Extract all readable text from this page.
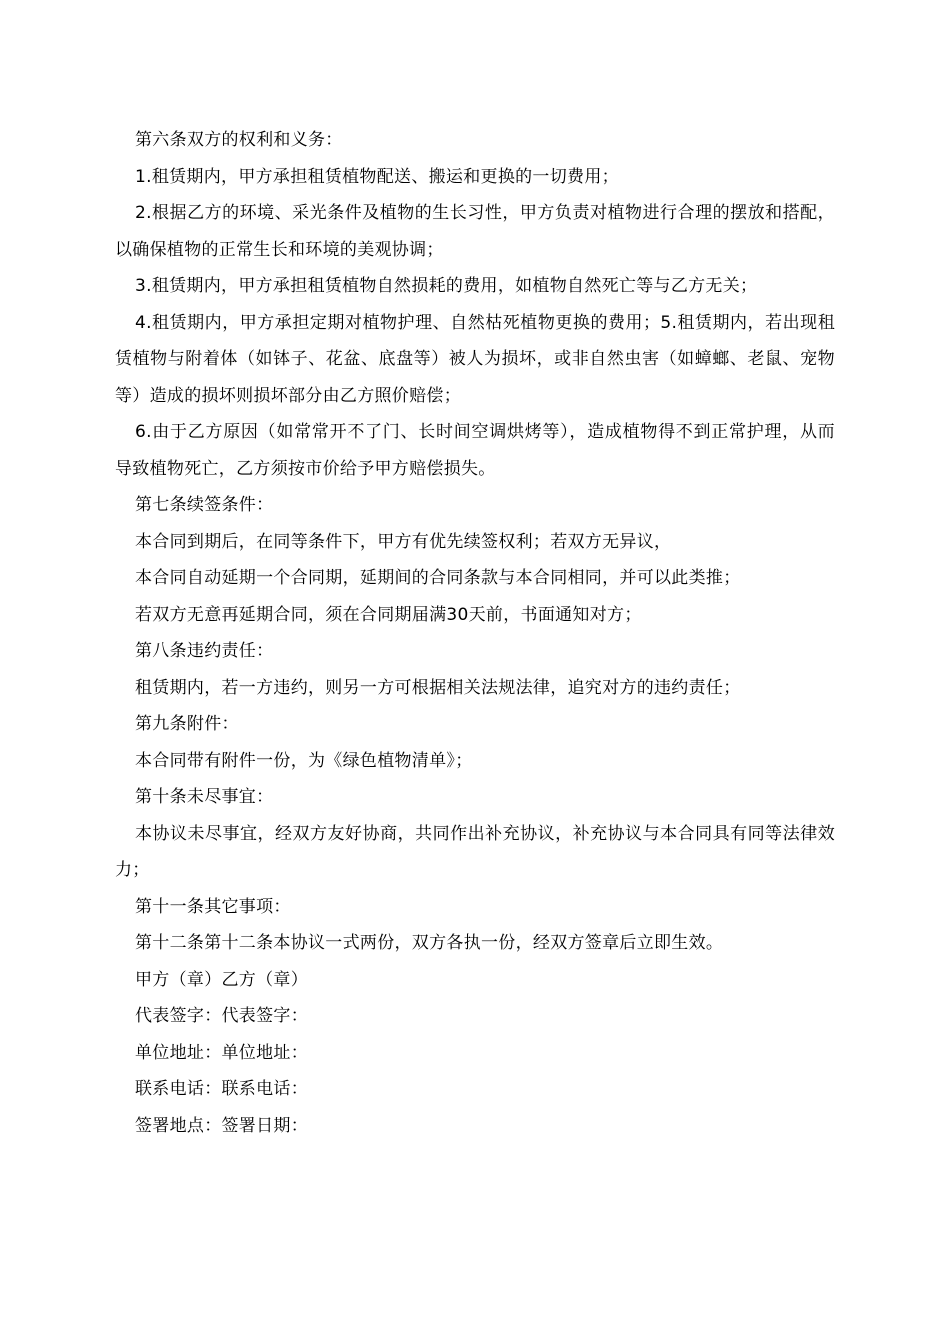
第六条双方的权利和义务：

1.租赁期内，甲方承担租赁植物配送、搬运和更换的一切费用；

2.根据乙方的环境、采光条件及植物的生长习性，甲方负责对植物进行合理的摆放和搭配，以确保植物的正常生长和环境的美观协调；

3.租赁期内，甲方承担租赁植物自然损耗的费用，如植物自然死亡等与乙方无关；

4.租赁期内，甲方承担定期对植物护理、自然枯死植物更换的费用；5.租赁期内，若出现租赁植物与附着体（如钵子、花盆、底盘等）被人为损坏，或非自然虫害（如蟑螂、老鼠、宠物等）造成的损坏则损坏部分由乙方照价赔偿；

6.由于乙方原因（如常常开不了门、长时间空调烘烤等），造成植物得不到正常护理，从而导致植物死亡，乙方须按市价给予甲方赔偿损失。

第七条续签条件：

本合同到期后，在同等条件下，甲方有优先续签权利；若双方无异议，

本合同自动延期一个合同期，延期间的合同条款与本合同相同，并可以此类推；

若双方无意再延期合同，须在合同期届满30天前，书面通知对方；

第八条违约责任：

租赁期内，若一方违约，则另一方可根据相关法规法律，追究对方的违约责任；

第九条附件：

本合同带有附件一份，为《绿色植物清单》；

第十条未尽事宜：

本协议未尽事宜，经双方友好协商，共同作出补充协议，补充协议与本合同具有同等法律效力；

第十一条其它事项：

第十二条第十二条本协议一式两份，双方各执一份，经双方签章后立即生效。

甲方（章）乙方（章）

代表签字：代表签字：

单位地址：单位地址：

联系电话：联系电话：

签署地点：签署日期：
